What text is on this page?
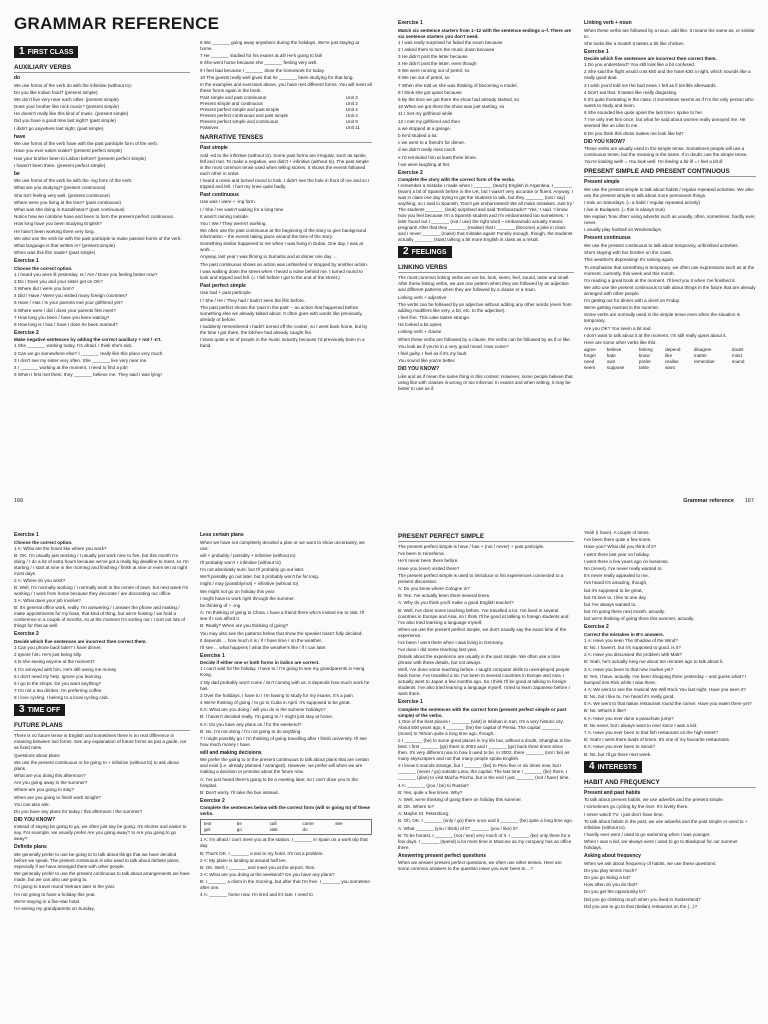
GRAMMAR REFERENCE
1 FIRST CLASS
AUXILIARY VERBS
do

We use forms of the verb do with the infinitive (without to):

Do you like Indian food? (present simple)

We don't live very near each other. (present simple)

Does your brother like rock music? (present simple)

He doesn't really like this kind of music. (present simple)

Did you have a good time last night? (past simple)

I didn't go anywhere last night. (past simple)

have

We use forms of the verb have with the past participle form of the verb.

Have you ever eaten snake? (present perfect simple)

Has your brother been to Lisbon before? (present perfect simple)

I haven't been there. (present perfect simple)

be

We use forms of the verb be with the -ing form of the verb.

What are you studying? (present continuous)

She isn't feeling very well. (present continuous)

Where were you living at the time? (past continuous)

What was she doing in Kazakhstan? (past continuous)

Notice how we combine have and been to form the present perfect continuous.

How long have you been studying English?

He hasn't been working there very long.

We also use the verb be with the past participle to make passive forms of the verb.

What language is that written in? (present simple)

When was this film made? (past simple)

Exercise 1
Choose the correct option.

1 I heard you were ill yesterday. Is / Are / Does you feeling better now?

2 Do / Does you and your sister get on OK?

3 Where did / were you born?

4 Did / Have / Were you visited many foreign countries?

5 Have / Has / Is your parents met your girlfriend yet?

6 Where were / did / does your parents first meet?

7 How long you been / have you been waiting?

8 How long is / has / have I does he been married?

Exercise 2
Make negative sentences by adding the correct auxiliary + not / -n't.

1 She _______ working today, I'm afraid. I think she's sick.

2 Can we go somewhere else? I _______ really like this place very much.

3 I don't see my sister very often. She _______ live very near me.

4 I _______ working at the moment. I need to find a job!

5 When I first met them, they _______ believe me. They said I was lying!

6 We _______ going away anywhere during the holidays. We're just staying at home.

7 He _______ studied for his exams at all! He's going to fail!

8 She went home because she _______ feeling very well.

9 I feel bad because I _______ done the homework for today.

10 The guests really well gives that he _______ been studying for that long.

In the examples and exercises above, you have met different forms. You will meet all these forms again in the book.

Past simple and past continuous	Unit 3
Present simple and continuous	Unit 2
Present perfect simple and past simple	Unit 4
Present perfect continuous and past simple	Unit 4
Present perfect simple and continuous	Unit 9
Passives	Unit 11
NARRATIVE TENSES
Past simple

Add -ed to the infinitive (without to). Some past forms are irregular, such as spoke, fell and met. To make a negative, use didn't + infinitive (without to). The past simple is the most common tense used when telling stories. It shows the events followed each other in order.

I heard a noise and turned round to look. I didn't see the hole in front of me and so I tripped and fell. I hurt my knee quite badly.

Past continuous

Use was / were + -ing form.

I / She / He wasn't waiting for a long time.

It wasn't raining outside.

You / We / They weren't working.

We often use the past continuous at the beginning of the story to give background information – the events taking place around the time of the story.

Something similar happened to me when I was living in Dubai. One day, I was at work ...

Anyway, last year I was filming in Sumatra and at dinner one day ...

The past continuous shows an action was unfinished or stopped by another action.

I was walking down the street when I heard a noise behind me. I turned round to look and tripped and fell. (= I fell before I got to the end of the street.)

Past perfect simple

Use had + past participle.

I / She / He / They had / hadn't seen the film before.

The past perfect shows the 'past in the past' – an action that happened before something else we already talked about. It often goes with words like previously, already or before.

I suddenly remembered I hadn't turned off the cooker, so I went back home, but by the time I got there, the kitchen had already caught fire.

I knew quite a lot of people in the music industry because I'd previously been in a band.

166
Exercise 1
Match six sentence starters from 1–12 with the sentence endings a–f. There are six sentence starters you don't need.

1 I was really surprised he failed the exam because

2 I asked them to turn the music down because

3 He didn't post the letter because

4 He didn't post the letter, even though

5 We were running out of petrol, so

6 We ran out of petrol, so

7 When she told us she was thinking of becoming a model,

8 I think she got upset because

9 By the time we got there the show had already started, so

10 When we got there the show was just starting, so

11 I met my girlfriend while

12 I met my girlfriend and then

a we stopped at a garage.

b he'd studied a lot.

c we went to a friend's for dinner.

d we didn't really miss much.

e I'd reminded him at least three times.

f we were laughing at her.

Exercise 2
Complete the story with the correct form of the verbs.

I remember a mistake I made when I _______ (teach) English in Argentina. I _______ (learn) a bit of Spanish before in the UK, but I wasn't very accurate or fluent. Anyway, I was in class one day trying to get the students to talk, but they _______ (not / say) anything, so I said in Spanish, 'Don't get embarrassed! We all make mistakes. Just try.' The students _______ (look) surprised and said 'Embarazado?' 'Yes,' I said. 'I know how you feel because I'm a Spanish student and I'm embarrassed too sometimes.' I later found out I _______ (not / use) the right word – embarazado actually means pregnant! After that they _______ (realise) that I _______ (become) a joke in class and I never _______ (make) that mistake again! Funnily enough, though, the students actually _______ (start) talking a bit more English in class as a result.

2 FEELINGS
LINKING VERBS

The most common linking verbs are are be, look, seem, feel, sound, taste and smell. After these linking verbs, we use one pattern when they are followed by an adjective and different patterns when they are followed by a clause or a noun.

Linking verb + adjective

The verbs can be followed by an adjective without adding any other words (even from adding modifiers like very, a bit, etc. to the adjective).

I feel fine. This cake tastes strange.

He looked a bit upset.

Linking verb + clause

When these verbs are followed by a clause, the verbs can be followed by as if or like.

You look as if you're in a very good mood. How come?

I feel guilty. I feel as if it's my fault.

You sound like you're better.

DID YOU KNOW?

Like and as if mean the same thing in this context. However, some people believe that using like with clauses is wrong or too informal. In exams and when writing, it may be better to use as if.

Linking verb + noun

When these verbs are followed by a noun, add like. It means the same as, or similar to.

She looks like a model! It tastes a bit like chicken.

Exercise 1
Decide which five sentences are incorrect then correct them.

1 Do you understand? You still look like a bit confused.

2 She said the flight would cost €50 and the hotel €30 a night, which sounds like a really good deal.

3 I wish you'd told me the bad news. I felt as if terrible afterwards.

4 Don't eat that. It tastes like really disgusting.

5 It's quite frustrating in the class. It sometimes seems as if I'm the only person who wants to study and learn.

6 She sounded like quite upset the last time I spoke to her.

7 I've only met him once, but what he said about women really annoyed me. He seemed like an idiot to me.

8 Do you think this dress makes me look like fat?

DID YOU KNOW?

These verbs are usually used in the simple tense. Sometimes people will use a continuous tense, but the meaning is the same. If in doubt, use the simple tense.

You're looking well! = You look well. I'm feeling a bit ill = I feel a bit ill.

PRESENT SIMPLE AND PRESENT CONTINUOUS
Present simple

We use the present simple to talk about habits / regular repeated activities. We also use the present simple to talk about more permanent things.

I train on Saturdays. (= a habit / regular repeated activity)

I live in Budapest. (= this is always true)

We explain 'how often' using adverbs such as usually, often, sometimes, hardly ever, never.

I usually play football on Wednesdays.

Present continuous

We use the present continuous to talk about temporary, unfinished activities.

She's staying with her brother on the coast.

This weather's depressing! It's raining again.

To emphasise that something is temporary, we often use expressions such as at the moment, currently, this week and this month.

I'm reading a great book at the moment. I'll lend you it when I've finished it.

We also use the present continuous to talk about things in the future that are already arranged with other people.

I'm getting out for dinner with a client on Friday.

We're getting married in the summer.

Some verbs are normally used in the simple tense even when the situation is temporary.

Are you OK? You seem a bit sad.

I don't want to talk about it at the moment. I'm still really upset about it.

Here are some other verbs like this:

agree	believe	belong	depend	disagree	doubt
forget	hate	know	like	matter	mind
need	own	prefer	realise	remember	sound
seem	suppose	taste	want		
Grammar reference 167
Exercise 1
Choose the correct option.

1 A: What are the hours like where you work?

B: OK. I'm usually just working / I usually just work nine to five, but this month I'm doing / I do a lot of extra hours because we've got a really big deadline to meet, so I'm starting / I start at nine in the morning and finishing / finish at nine or even ten at night most days.

2 A: Where do you work?

B: Well, I'm normally working / I normally work in the centre of town, but next week I'm working / I work from home because they decorate / are decorating our office.

3 A: What does your job involve?

B: It's general office work, really. I'm answering / I answer the phone and making / make appointments for my boss, that kind of thing, but we're hosting / we hold a conference in a couple of months, so at the moment I'm sorting out / I sort out lots of things for that as well.

Exercise 2
Decide which five sentences are incorrect then correct them.

1 Can you phone back later? I have dinner.

2 Ignore him. He's just being silly.

3 Is she seeing anyone at the moment?

4 I'm annoyed with him. He's still owing me money.

5 I don't need my help. Ignore you learning.

6 I go to the shops. Do you want anything?

7 I'm not a tea drinker. I'm preferring coffee.

8 I love cycling. I belong to a local cycling club.

3 TIME OFF
FUTURE PLANS

There is no future tense in English and sometimes there is no real difference in meaning between two forms. See any explanation of future forms as just a guide, not as fixed rules.

Questions about plans

We use the present continuous or be going to + infinitive (without to) to ask about plans.

What are you doing this afternoon?

Are you going away in the summer?

Where are you going to stay?

When are you going to finish work tonight?

You can also ask:

Do you have any plans for today / this afternoon / the summer?

DID YOU KNOW?

Instead of saying be going to go, we often just say be going. It's shorter and easier to say. For example, we usually prefer Are you going away? to Are you going to go away?

Definite plans

We generally prefer to use be going to to talk about things that we have decided before we speak. The present continuous is also used to talk about definite plans, especially if we have arranged them with other people.

We generally prefer to use the present continuous to talk about arrangements we have made, but we can also use going to.

I'm going to travel round Vietnam later in the year.

I'm not going to have a holiday this year.

We're staying in a five-star hotel.

I'm seeing my grandparents on Sunday.

Less certain plans

When we have not completely decided a plan or we want to show uncertainty, we use:

will + probably / possibly + infinitive (without to)

I'll probably won't + infinitive (without to)

I'm not absolutely sure, but I'll probably go out later.

We'll possibly go out later, but it probably won't be for long.

might / may (possibly/not) + infinitive (without to)

We might not go on holiday this year.

I might have to work right through the summer.

be thinking of + -ing

A: I'm thinking of going to China. I have a friend there who's invited me to visit. I'll see if I can afford it.

B: Really? When are you thinking of going?

You may also see the patterns below that show the speaker hasn't fully decided:

It depends ... how much it is / if I have time / on the weather.

I'll see ... what happens / what the weather's like / if I can later.

Exercise 1
Decide if either one or both forms in italics are correct.

1 I can't wait for the holiday. I have to / I'm going to see my grandparents in Hong Kong.

2 My dad probably won't come / isn't coming with us. It depends how much work he has.

3 Over the holidays, I have to / I'm having to study for my exams. It's a pain.

4 We're thinking of going / to go to Cuba in April. It's supposed to be great.

5 A: What are you doing / will you do in the summer holidays?

B: I haven't decided really. I'm going to / I might just stay at home.

6 A: Do you have any plans on / for the weekend?

B: No, I'm not doing / I'm not going to do anything.

7 I might possibly go / I'm thinking of going travelling after I finish university. I'll see how much money I have.

will and making decisions

We prefer the going to or the present continuous to talk about plans that are certain and exist (i.e. already planned / arranged). However, we prefer will when we are making a decision or promise about the future now.

A: I've just heard there's going to be a meeting later, so I can't drive you to the hospital.

B: Don't worry. I'll take the bus instead.

Exercise 2
Complete the sentences below with the correct form (will or going to) of these verbs.
text	be	call	come	see
get	go	visit	do

1 A: I'm afraid I can't meet you at the station. I _______ in Spain on a work trip that day.

B: That's OK. I _______ a taxi to my hotel. It's not a problem.

2 A: My plane is landing at around half ten.

B: OK. Well, I _______ and meet you at the airport, then.

3 A: What are you doing at the weekend? Do you have any plans?

B: I _______ a client in the morning, but after that I'm free. I _______ you sometime after one.

4 A: _______ home now. I'm tired and it's late. I need to

PRESENT PERFECT SIMPLE

The present perfect simple is have / has + (not / never) + past participle.

I've been to Hiroshima.

He's never been there before.

Have you (ever) visited there?

The present perfect simple is used to introduce or list experiences connected to a present discussion.

A: Do you know where Cologne is?

B: Yes. I've actually been there several times.

A: Why do you think you'll make a good English teacher?

B: Well, I've done some teaching before. I've travelled a lot. I've lived in several countries in Europe and Asia, so I think I'll be good at talking to foreign students and I've also tried learning a language myself.

When we use the present perfect simple, we don't usually say the exact time of the experience.

I've been / went there when I was living in Germany.

I've done / did some teaching last year.

Details about the experience are usually in the past simple. We often use a time phrase with these details, but not always.

Well, I've done some teaching before. I taught computer skills to unemployed people back home. I've travelled a lot. I've been to several countries in Europe and Asia. I actually went to Japan a few months ago. So I think I'll be good at talking to foreign students. I've also tried learning a language myself. I tried to learn Japanese before I went there.

Exercise 1
Complete the sentences with the correct form (present perfect simple or past simple) of the verbs.

1 One of the best places I _______ (visit) is Isfahan in Iran. It's a very historic city. About 500 years ago, it _______ (be) the capital of Persia. The capital _______ (move) to Tehran quite a long time ago, though.

2 I _______ (be) to some great places in my life but, without a doubt, Shanghai is the best. I first _______ (go) there in 2002 and I _______ (go) back three times since then. It's very different now to how it used to be, in 2002, there _______ (not / be) as many skyscrapers and not that many people spoke English.

3 I know it sounds strange, but I _______ (be) to Peru five or six times now, but I _______ (never / go) outside Lima, the capital. The last time I _______ (be) there, I _______ (plan) to visit Machu Picchu, but in the end I just _______ (not / have) time.

4 A: _______ (you / be) to Russia?

B: Yes, quite a few times. Why?

A: Well, we're thinking of going there on holiday this summer.

B: OK. Where to?

A: Maybe St. Petersburg.

B: Oh, OK. I _______ (only / go) there once and it _______ (be) quite a long time ago.

A: What _______ (you / think) of it? _______ (you / like) it?

B: To be honest, I _______ (not / see) very much of it. I _______ (be) only there for a few days. I _______ (spend) a lot more time in Moscow as my company has an office there.

Answering present perfect questions

When we answer present perfect questions, we often use other tenses. Here are some common answers to the question Have you ever been to ...?

Yeah (I have). A couple of times.

I've been there quite a few times.

Have you? What did you think of it?

I went there last year on holiday.

I went there a few years ago on business.

No (never). I've never really wanted to.

It's never really appealed to me.

I've heard it's amazing, though,

but it's supposed to be great,

but I'd love to. I like to one day

but I've always wanted to.

but I'm going there next month, actually.

but we're thinking of going there this summer, actually.

Exercise 2
Correct the mistakes in B's answers.

1 A: Have you seen The Shadow of the Wind?

B: No, I haven't, but it's supposed to good, is it?

2 A: Have you discussed the problem with Matt?

B: Yeah, he's actually rung me about ten minutes ago to talk about it.

3 A: Have you been to that new market yet?

B: Yes, I have, actually. I've been shopping there yesterday – and guess what? I bumped into Rick while I was there.

4 A: We went to see the musical We Will Rock You last night. Have you seen it?

B: No, but I like to. I've heard it's really good.

5 A: We went to that Italian restaurant round the corner. Have you eaten there yet?

B: No. What's it like?

6 A: Have you ever done a parachute jump?

B: No never, but I always want to ever since I was a kid.

7 A: Have you ever been to that fish restaurant on the high street?

B: Yeah! I went there loads of times. It's one of my favourite restaurants.

8 A: Have you ever been to Seoul?

B: No, but I'll go there next week.

4 INTERESTS
HABIT AND FREQUENCY
Present and past habits

To talk about present habits, we use adverbs and the present simple.

I sometimes go cycling by the river. It's lovely there.

I never watch TV. I just don't have time.

To talk about habits in the past, we use adverbs and the past simple or used to + infinitive (without to).

I hardly ever went / used to go swimming when I was younger.

When I was a kid, we always went / used to go to Blackpool for our summer holidays.

Asking about frequency

When we ask about frequency of habits, we use these questions:

Do you play tennis much?

Do you go skiing a lot?

How often do you do that?

Do you get the opportunity to?

Did you go climbing much when you lived in Switzerland?

Did you use to go to that (Italian) restaurant on the (...)?
